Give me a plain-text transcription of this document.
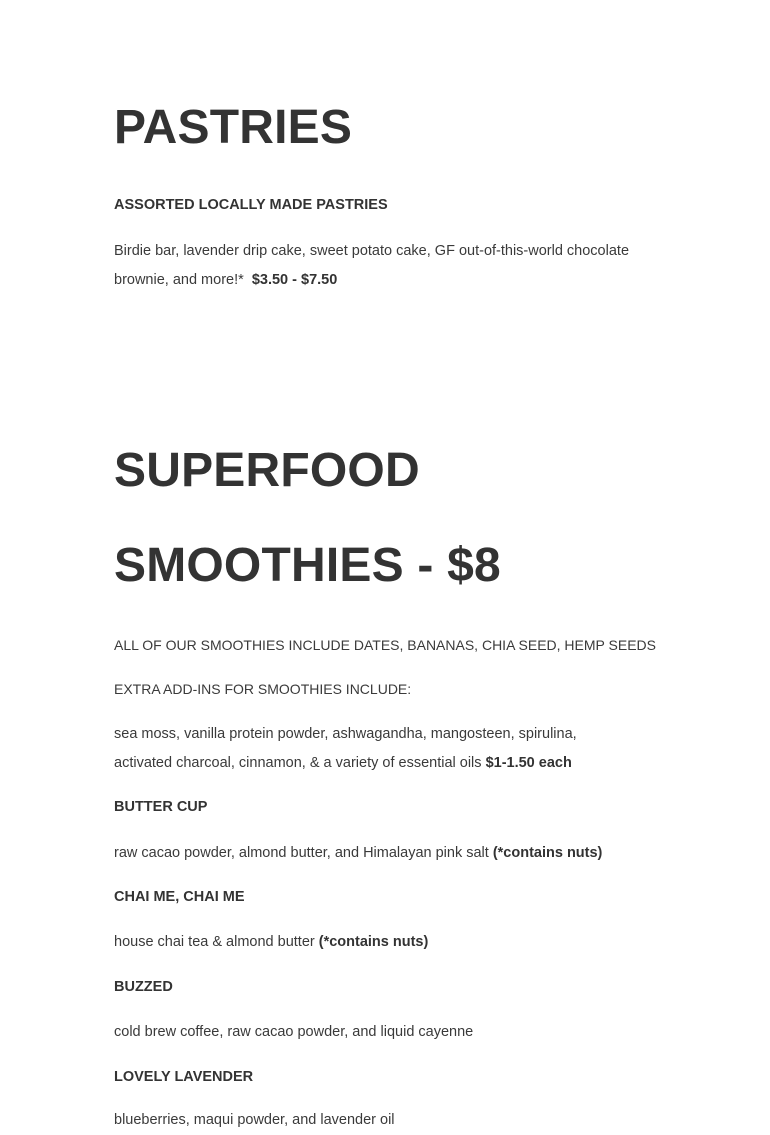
PASTRIES

ASSORTED LOCALLY MADE PASTRIES

Birdie bar, lavender drip cake, sweet potato cake, GF out-of-this-world chocolate brownie, and more!* $3.50 - $7.50

SUPERFOOD
SMOOTHIES - $8

ALL OF OUR SMOOTHIES INCLUDE DATES, BANANAS, CHIA SEED, HEMP SEEDS

EXTRA ADD-INS FOR SMOOTHIES INCLUDE:

sea moss, vanilla protein powder, ashwagandha, mangosteen, spirulina, activated charcoal, cinnamon, & a variety of essential oils $1-1.50 each

BUTTER CUP

raw cacao powder, almond butter, and Himalayan pink salt (*contains nuts)

CHAI ME, CHAI ME

house chai tea & almond butter (*contains nuts)

BUZZED

cold brew coffee, raw cacao powder, and liquid cayenne

LOVELY LAVENDER

blueberries, maqui powder, and lavender oil
